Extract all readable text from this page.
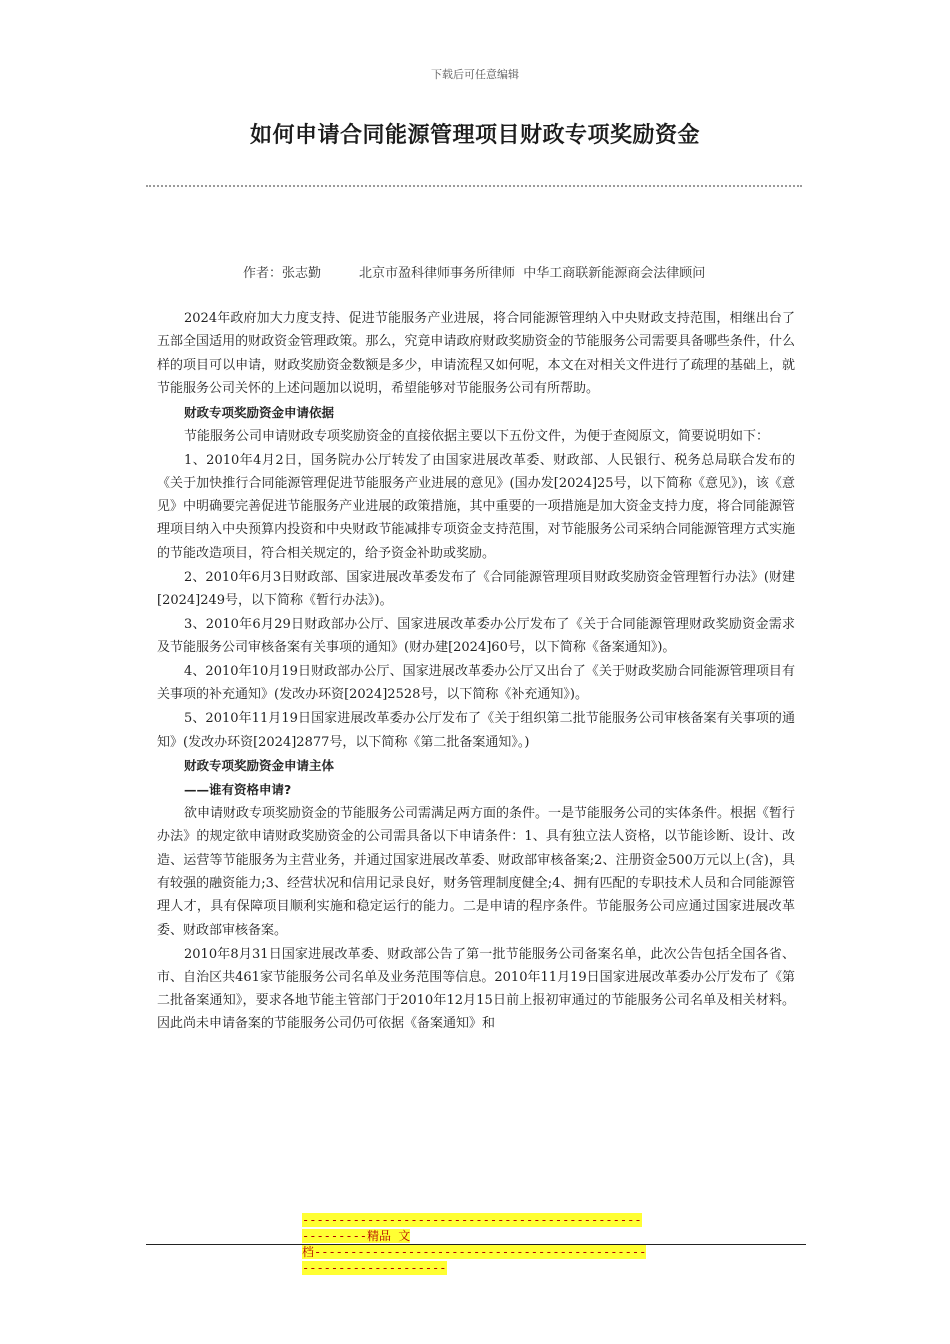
下载后可任意编辑
如何申请合同能源管理项目财政专项奖励资金
作者：张志勤	北京市盈科律师事务所律师  中华工商联新能源商会法律顾问

2024年政府加大力度支持、促进节能服务产业进展，将合同能源管理纳入中央财政支持范围，相继出台了五部全国适用的财政资金管理政策。那么，究竟申请政府财政奖励资金的节能服务公司需要具备哪些条件，什么样的项目可以申请，财政奖励资金数额是多少，申请流程又如何呢，本文在对相关文件进行了疏理的基础上，就节能服务公司关怀的上述问题加以说明，希望能够对节能服务公司有所帮助。

财政专项奖励资金申请依据

节能服务公司申请财政专项奖励资金的直接依据主要以下五份文件，为便于查阅原文，简要说明如下：

1、2010年4月2日，国务院办公厅转发了由国家进展改革委、财政部、人民银行、税务总局联合发布的《关于加快推行合同能源管理促进节能服务产业进展的意见》(国办发[2024]25号，以下简称《意见》)，该《意见》中明确要完善促进节能服务产业进展的政策措施，其中重要的一项措施是加大资金支持力度，将合同能源管理项目纳入中央预算内投资和中央财政节能减排专项资金支持范围，对节能服务公司采纳合同能源管理方式实施的节能改造项目，符合相关规定的，给予资金补助或奖励。

2、2010年6月3日财政部、国家进展改革委发布了《合同能源管理项目财政奖励资金管理暂行办法》(财建[2024]249号，以下简称《暂行办法》)。

3、2010年6月29日财政部办公厅、国家进展改革委办公厅发布了《关于合同能源管理财政奖励资金需求及节能服务公司审核备案有关事项的通知》(财办建[2024]60号，以下简称《备案通知》)。

4、2010年10月19日财政部办公厅、国家进展改革委办公厅又出台了《关于财政奖励合同能源管理项目有关事项的补充通知》(发改办环资[2024]2528号，以下简称《补充通知》)。

5、2010年11月19日国家进展改革委办公厅发布了《关于组织第二批节能服务公司审核备案有关事项的通知》(发改办环资[2024]2877号，以下简称《第二批备案通知》。)

财政专项奖励资金申请主体

——谁有资格申请?

欲申请财政专项奖励资金的节能服务公司需满足两方面的条件。一是节能服务公司的实体条件。根据《暂行办法》的规定欲申请财政奖励资金的公司需具备以下申请条件：1、具有独立法人资格，以节能诊断、设计、改造、运营等节能服务为主营业务，并通过国家进展改革委、财政部审核备案;2、注册资金500万元以上(含)，具有较强的融资能力;3、经营状况和信用记录良好，财务管理制度健全;4、拥有匹配的专职技术人员和合同能源管理人才，具有保障项目顺利实施和稳定运行的能力。二是申请的程序条件。节能服务公司应通过国家进展改革委、财政部审核备案。

2010年8月31日国家进展改革委、财政部公告了第一批节能服务公司备案名单，此次公告包括全国各省、市、自治区共461家节能服务公司名单及业务范围等信息。2010年11月19日国家进展改革委办公厅发布了《第二批备案通知》，要求各地节能主管部门于2010年12月15日前上报初审通过的节能服务公司名单及相关材料。因此尚未申请备案的节能服务公司仍可依据《备案通知》和

--------------------------------------------------------精品 文
档------------------------------------------------------------------
